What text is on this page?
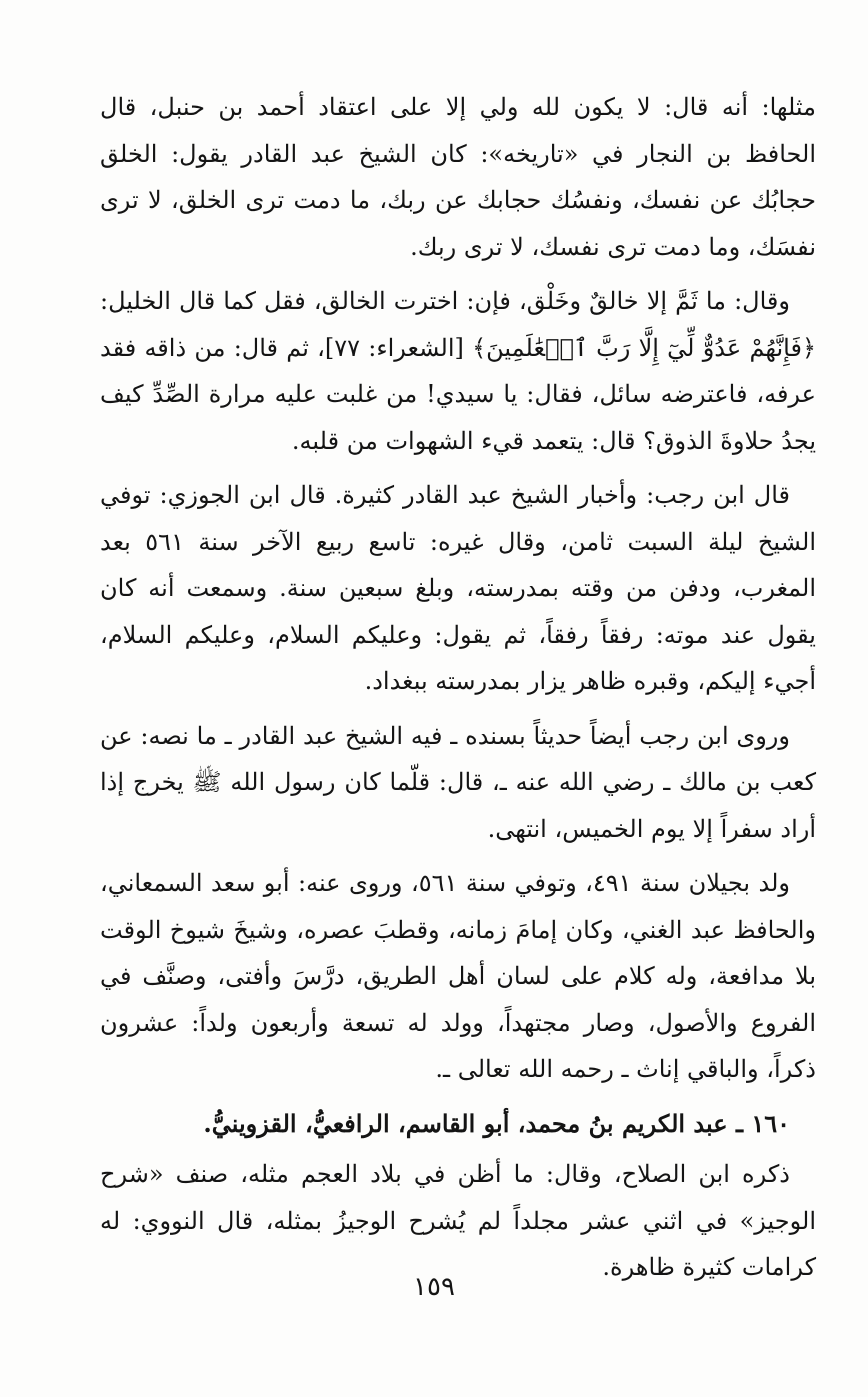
مثلها: أنه قال: لا يكون لله ولي إلا على اعتقاد أحمد بن حنبل، قال الحافظ بن النجار في «تاريخه»: كان الشيخ عبد القادر يقول: الخلق حجابُك عن نفسك، ونفسُك حجابك عن ربك، ما دمت ترى الخلق، لا ترى نفسَك، وما دمت ترى نفسك، لا ترى ربك.

وقال: ما ثَمَّ إلا خالقٌ وخَلْق، فإن: اخترت الخالق، فقل كما قال الخليل: ﴿فَإِنَّهُمْ عَدُوٌّ لِّيٓ إِلَّا رَبَّ ٱلۡعَٰلَمِينَ﴾ [الشعراء: ٧٧]، ثم قال: من ذاقه فقد عرفه، فاعترضه سائل، فقال: يا سيدي! من غلبت عليه مرارة الصِّدِّ كيف يجدُ حلاوةَ الذوق؟ قال: يتعمد قيء الشهوات من قلبه.

قال ابن رجب: وأخبار الشيخ عبد القادر كثيرة. قال ابن الجوزي: توفي الشيخ ليلة السبت ثامن، وقال غيره: تاسع ربيع الآخر سنة ٥٦١ بعد المغرب، ودفن من وقته بمدرسته، وبلغ سبعين سنة. وسمعت أنه كان يقول عند موته: رفقاً رفقاً، ثم يقول: وعليكم السلام، وعليكم السلام، أجيء إليكم، وقبره ظاهر يزار بمدرسته ببغداد.

وروى ابن رجب أيضاً حديثاً بسنده ـ فيه الشيخ عبد القادر ـ ما نصه: عن كعب بن مالك ـ رضي الله عنه ـ، قال: قلّما كان رسول الله ﷺ يخرج إذا أراد سفراً إلا يوم الخميس، انتهى.

ولد بجيلان سنة ٤٩١، وتوفي سنة ٥٦١، وروى عنه: أبو سعد السمعاني، والحافظ عبد الغني، وكان إمامَ زمانه، وقطبَ عصره، وشيخَ شيوخ الوقت بلا مدافعة، وله كلام على لسان أهل الطريق، درَّسَ وأفتى، وصنَّف في الفروع والأصول، وصار مجتهداً، وولد له تسعة وأربعون ولداً: عشرون ذكراً، والباقي إناث ـ رحمه الله تعالى ـ.

١٦٠ ـ عبد الكريم بنُ محمد، أبو القاسم، الرافعيُّ، القزوينيُّ.

ذكره ابن الصلاح، وقال: ما أظن في بلاد العجم مثله، صنف «شرح الوجيز» في اثني عشر مجلداً لم يُشرح الوجيزُ بمثله، قال النووي: له كرامات كثيرة ظاهرة.

١٥٩
